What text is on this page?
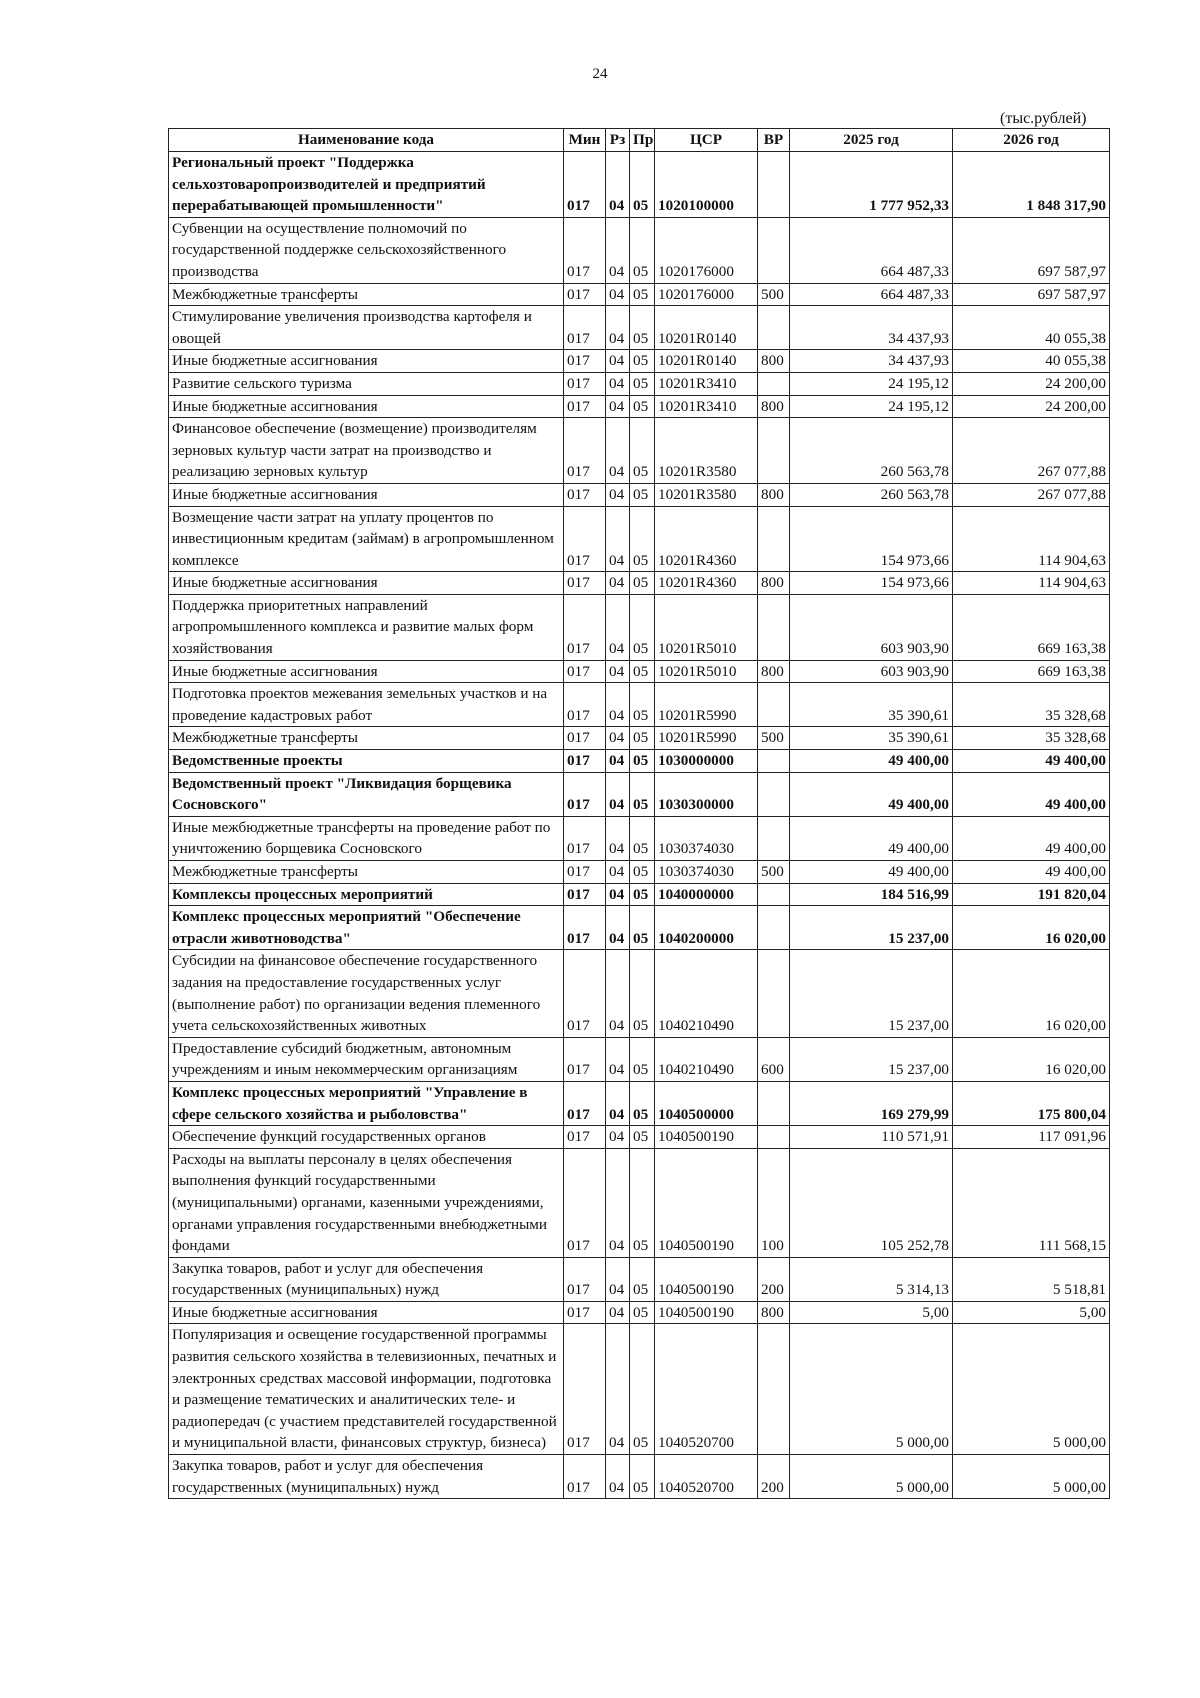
24
(тыс.рублей)
Наименование кода	Мин	Рз	Пр	ЦСР	ВР	2025 год	2026 год
Региональный проект "Поддержка сельхозтоваропроизводителей и предприятий перерабатывающей промышленности"	017	04	05	1020100000		1 777 952,33	1 848 317,90
Субвенции на осуществление полномочий по государственной поддержке сельскохозяйственного производства	017	04	05	1020176000		664 487,33	697 587,97
Межбюджетные трансферты	017	04	05	1020176000	500	664 487,33	697 587,97
Стимулирование увеличения производства картофеля и овощей	017	04	05	10201R0140		34 437,93	40 055,38
Иные бюджетные ассигнования	017	04	05	10201R0140	800	34 437,93	40 055,38
Развитие сельского туризма	017	04	05	10201R3410		24 195,12	24 200,00
Иные бюджетные ассигнования	017	04	05	10201R3410	800	24 195,12	24 200,00
Финансовое обеспечение (возмещение) производителям зерновых культур части затрат на производство и реализацию зерновых культур	017	04	05	10201R3580		260 563,78	267 077,88
Иные бюджетные ассигнования	017	04	05	10201R3580	800	260 563,78	267 077,88
Возмещение части затрат на уплату процентов по инвестиционным кредитам (займам) в агропромышленном комплексе	017	04	05	10201R4360		154 973,66	114 904,63
Иные бюджетные ассигнования	017	04	05	10201R4360	800	154 973,66	114 904,63
Поддержка приоритетных направлений агропромышленного комплекса и развитие малых форм хозяйствования	017	04	05	10201R5010		603 903,90	669 163,38
Иные бюджетные ассигнования	017	04	05	10201R5010	800	603 903,90	669 163,38
Подготовка проектов межевания земельных участков и на проведение кадастровых работ	017	04	05	10201R5990		35 390,61	35 328,68
Межбюджетные трансферты	017	04	05	10201R5990	500	35 390,61	35 328,68
Ведомственные проекты	017	04	05	1030000000		49 400,00	49 400,00
Ведомственный проект "Ликвидация борщевика Сосновского"	017	04	05	1030300000		49 400,00	49 400,00
Иные межбюджетные трансферты на проведение работ по уничтожению борщевика Сосновского	017	04	05	1030374030		49 400,00	49 400,00
Межбюджетные трансферты	017	04	05	1030374030	500	49 400,00	49 400,00
Комплексы процессных мероприятий	017	04	05	1040000000		184 516,99	191 820,04
Комплекс процессных мероприятий "Обеспечение отрасли животноводства"	017	04	05	1040200000		15 237,00	16 020,00
Субсидии на финансовое обеспечение государственного задания на предоставление государственных услуг (выполнение работ) по организации ведения племенного учета сельскохозяйственных животных	017	04	05	1040210490		15 237,00	16 020,00
Предоставление субсидий бюджетным, автономным учреждениям и иным некоммерческим организациям	017	04	05	1040210490	600	15 237,00	16 020,00
Комплекс процессных мероприятий "Управление в сфере сельского хозяйства и рыболовства"	017	04	05	1040500000		169 279,99	175 800,04
Обеспечение функций государственных органов	017	04	05	1040500190		110 571,91	117 091,96
Расходы на выплаты персоналу в целях обеспечения выполнения функций государственными (муниципальными) органами, казенными учреждениями, органами управления государственными внебюджетными фондами	017	04	05	1040500190	100	105 252,78	111 568,15
Закупка товаров, работ и услуг для обеспечения государственных (муниципальных) нужд	017	04	05	1040500190	200	5 314,13	5 518,81
Иные бюджетные ассигнования	017	04	05	1040500190	800	5,00	5,00
Популяризация и освещение государственной программы развития сельского хозяйства в телевизионных, печатных и электронных средствах массовой информации, подготовка и размещение тематических и аналитических теле- и радиопередач (с участием представителей государственной и муниципальной власти, финансовых структур, бизнеса)	017	04	05	1040520700		5 000,00	5 000,00
Закупка товаров, работ и услуг для обеспечения государственных (муниципальных) нужд	017	04	05	1040520700	200	5 000,00	5 000,00
